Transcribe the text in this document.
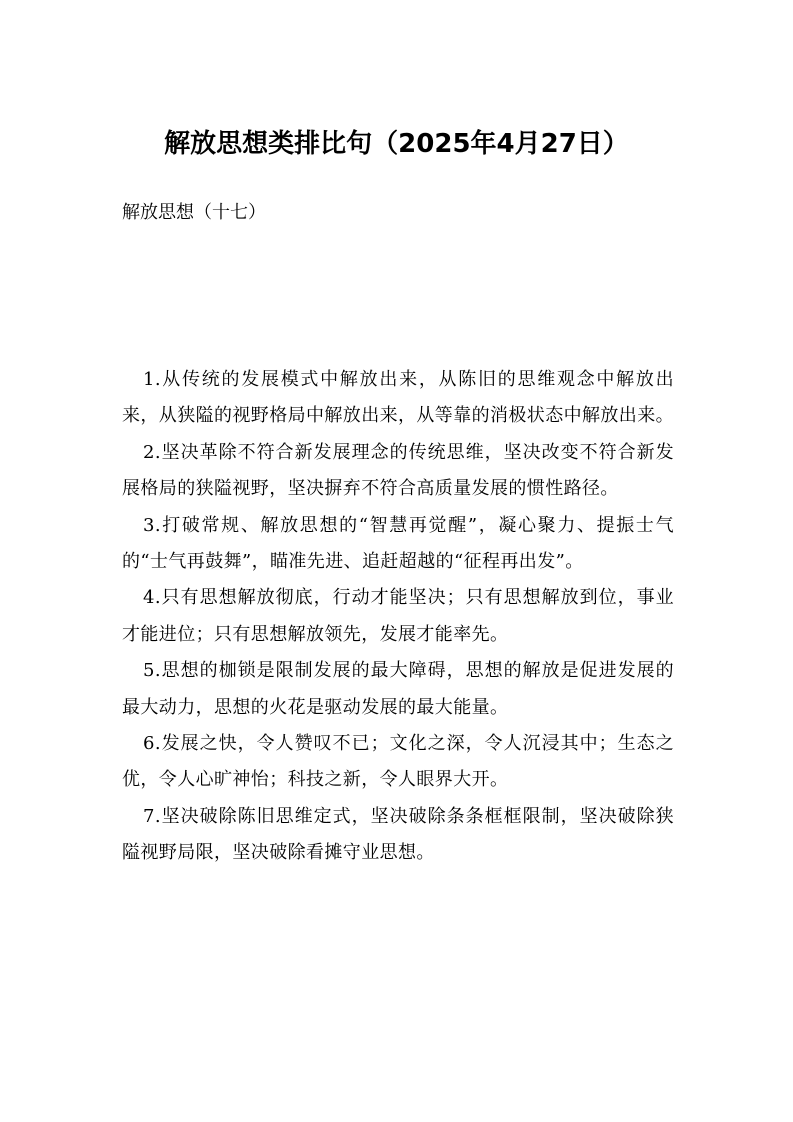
解放思想类排比句（2025年4月27日）

解放思想（十七）

1.从传统的发展模式中解放出来，从陈旧的思维观念中解放出来，从狭隘的视野格局中解放出来，从等靠的消极状态中解放出来。
2.坚决革除不符合新发展理念的传统思维，坚决改变不符合新发展格局的狭隘视野，坚决摒弃不符合高质量发展的惯性路径。
3.打破常规、解放思想的“智慧再觉醒”，凝心聚力、提振士气的“士气再鼓舞”，瞄准先进、追赶超越的“征程再出发”。
4.只有思想解放彻底，行动才能坚决；只有思想解放到位，事业才能进位；只有思想解放领先，发展才能率先。
5.思想的枷锁是限制发展的最大障碍，思想的解放是促进发展的最大动力，思想的火花是驱动发展的最大能量。
6.发展之快，令人赞叹不已；文化之深，令人沉浸其中；生态之优，令人心旷神怡；科技之新，令人眼界大开。
7.坚决破除陈旧思维定式，坚决破除条条框框限制，坚决破除狭隘视野局限，坚决破除看摊守业思想。
